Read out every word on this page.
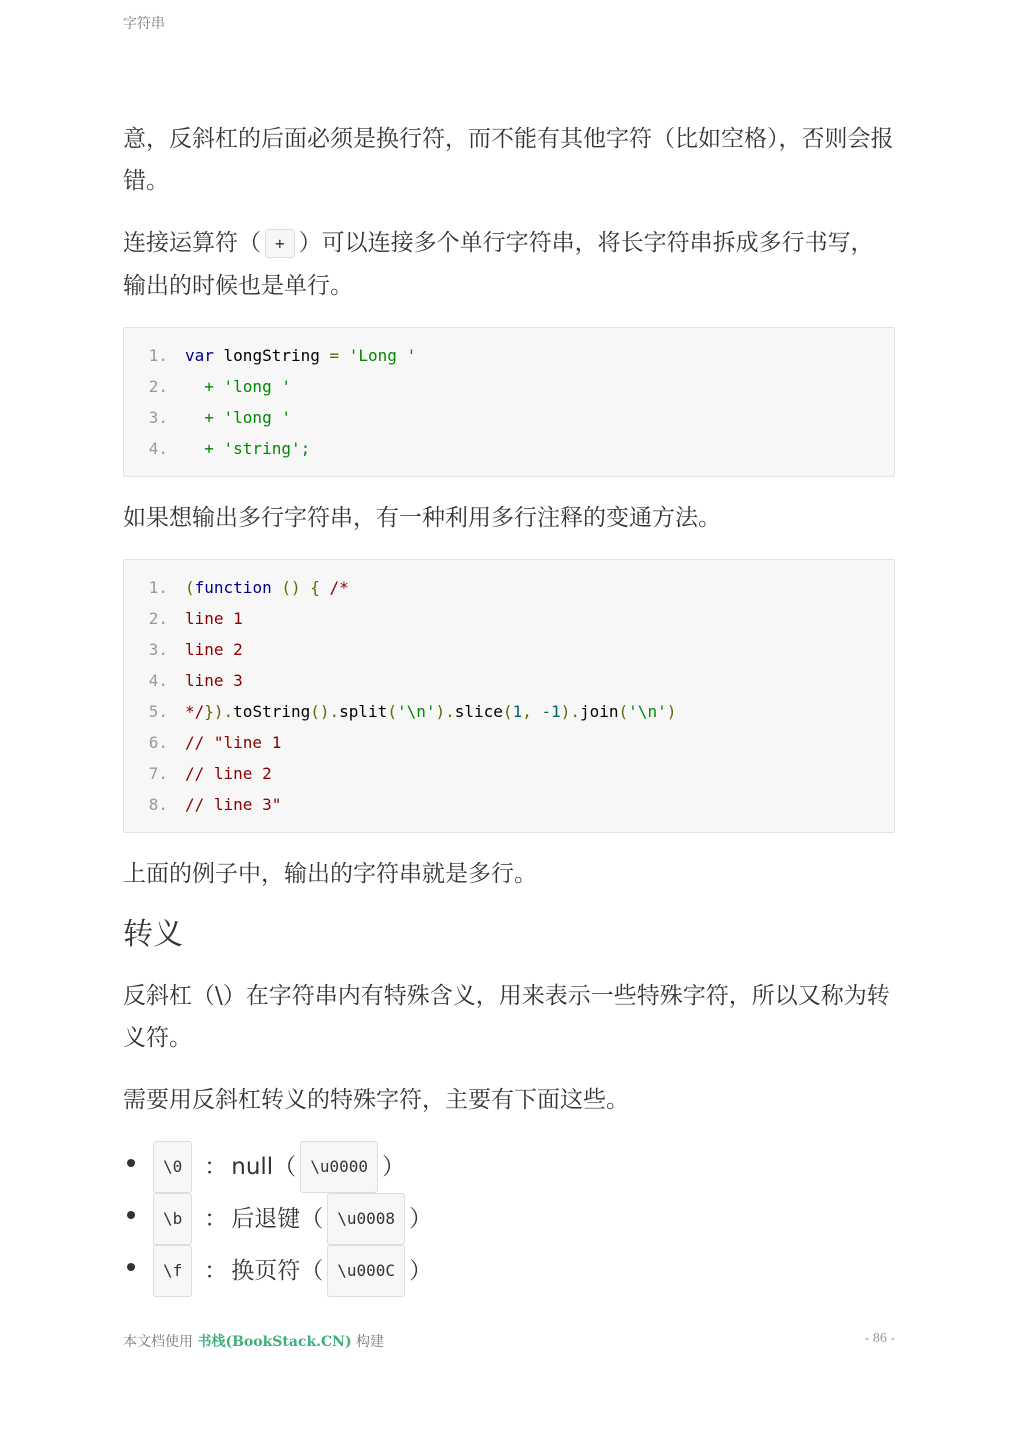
字符串

意，反斜杠的后面必须是换行符，而不能有其他字符（比如空格），否则会报错。

连接运算符（ + ）可以连接多个单行字符串，将长字符串拆成多行书写，输出的时候也是单行。

1.	var longString = 'Long '
2.	+ 'long '
3.	+ 'long '
4.	+ 'string';

如果想输出多行字符串，有一种利用多行注释的变通方法。

1.	(function () { /*
2.	line 1
3.	line 2
4.	line 3
5.	*/}).toString().split('\n').slice(1, -1).join('\n')
6.	// "line 1
7.	// line 2
8.	// line 3"

上面的例子中，输出的字符串就是多行。

转义

反斜杠（\）在字符串内有特殊含义，用来表示一些特殊字符，所以又称为转义符。

需要用反斜杠转义的特殊字符，主要有下面这些。

\0 ： null（ \u0000 ）
\b ： 后退键（ \u0008 ）
\f ： 换页符（ \u000C ）
本文档使用 书栈(BookStack.CN) 构建	- 86 -
